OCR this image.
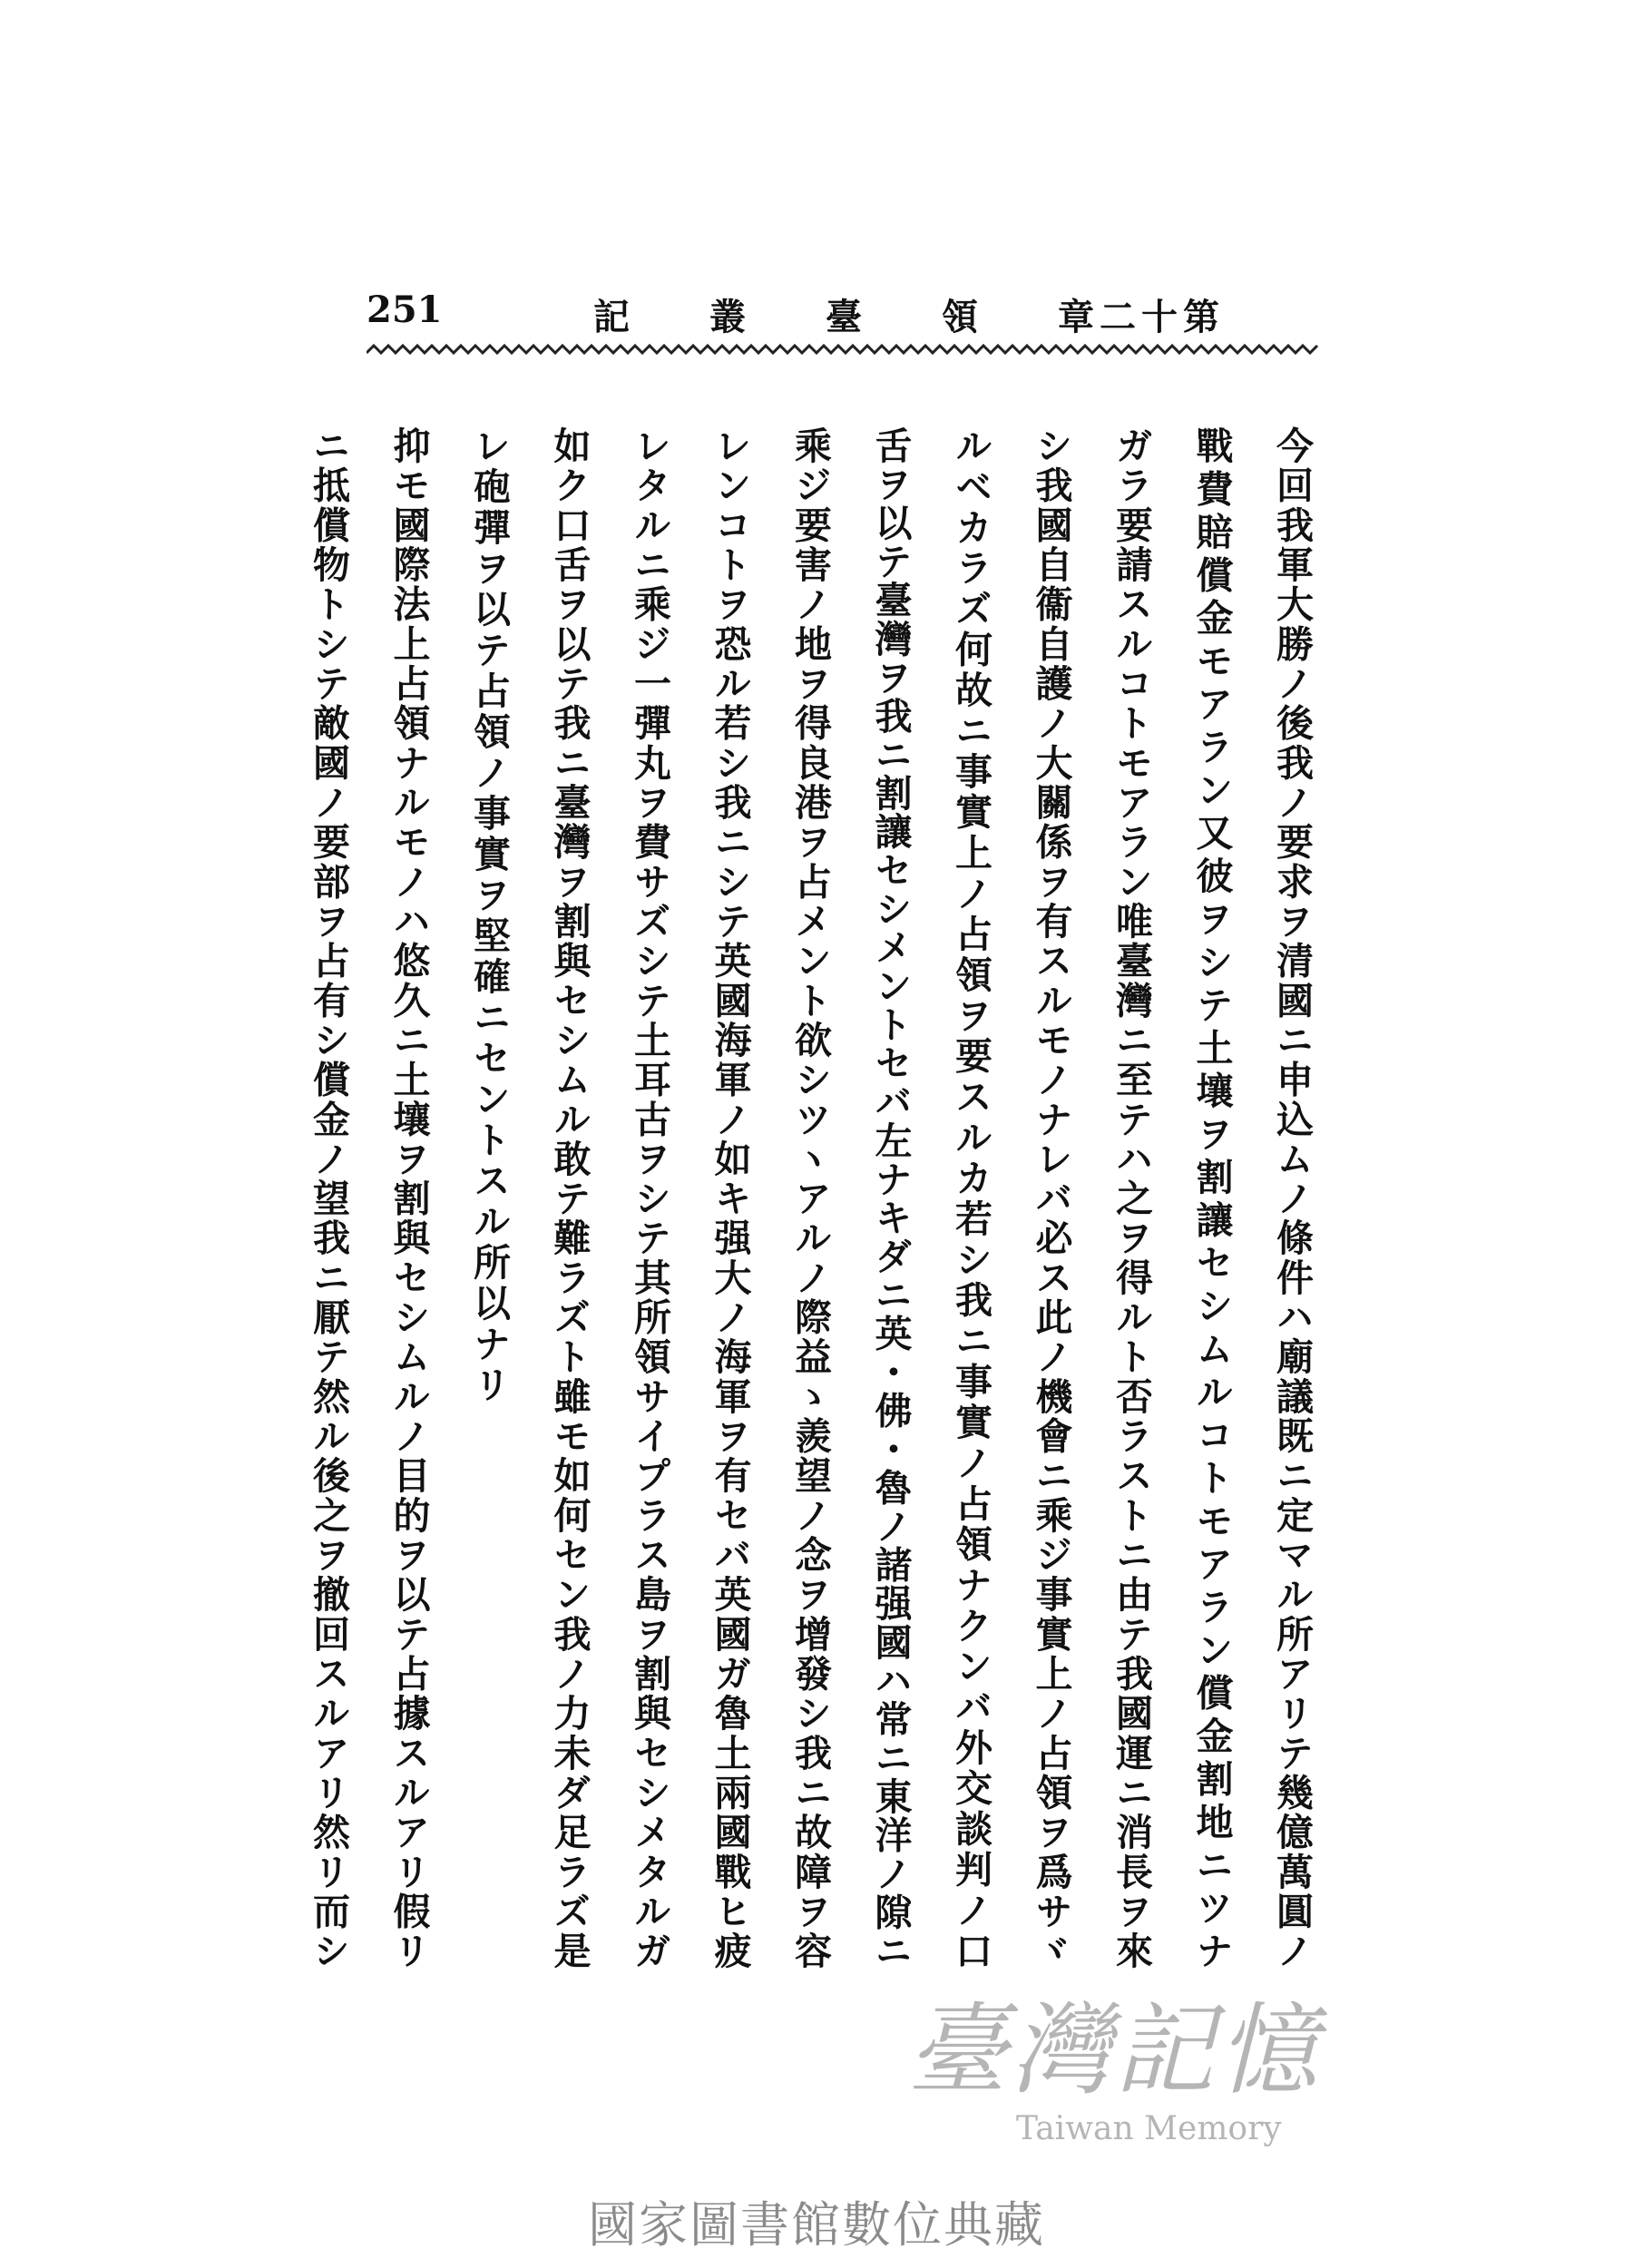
251	記 叢 臺 領 第十二章
今回我軍大勝ノ後我ノ要求ヲ清國ニ申込ムノ條件ハ廟議既ニ定マル所アリテ幾億萬圓ノ
戰費賠償金モアラン又彼ヲシテ土壤ヲ割讓セシムルコトモアラン償金割地ニツナ
ガラ要請スルコトモアラン唯臺灣ニ至テハ之ヲ得ルト否ラストニ由テ我國運ニ消長ヲ來
シ我國自衞自護ノ大關係ヲ有スルモノナレバ必ス此ノ機會ニ乘ジ事實上ノ占領ヲ爲サヾ
ルベカラズ何故ニ事實上ノ占領ヲ要スルカ若シ我ニ事實ノ占領ナクンバ外交談判ノ口
舌ヲ以テ臺灣ヲ我ニ割讓セシメントセバ左ナキダニ英・佛・魯ノ諸强國ハ常ニ東洋ノ隙ニ
乘ジ要害ノ地ヲ得良港ヲ占メント欲シツヽアルノ際益ゝ羨望ノ念ヲ增發シ我ニ故障ヲ容
レンコトヲ恐ル若シ我ニシテ英國海軍ノ如キ强大ノ海軍ヲ有セバ英國ガ魯土兩國戰ヒ疲
レタルニ乘ジ一彈丸ヲ費サズシテ土耳古ヲシテ其所領サイプラス島ヲ割與セシメタルガ
如ク口舌ヲ以テ我ニ臺灣ヲ割與セシムル敢テ難ラズト雖モ如何セン我ノ力未ダ足ラズ是
レ砲彈ヲ以テ占領ノ事實ヲ堅確ニセントスル所以ナリ
抑モ國際法上占領ナルモノハ悠久ニ土壤ヲ割與セシムルノ目的ヲ以テ占據スルアリ假リ
ニ抵償物トシテ敵國ノ要部ヲ占有シ償金ノ望我ニ厭テ然ル後之ヲ撤回スルアリ然リ而シ
臺灣記憶
Taiwan Memory
國家圖書館數位典藏
